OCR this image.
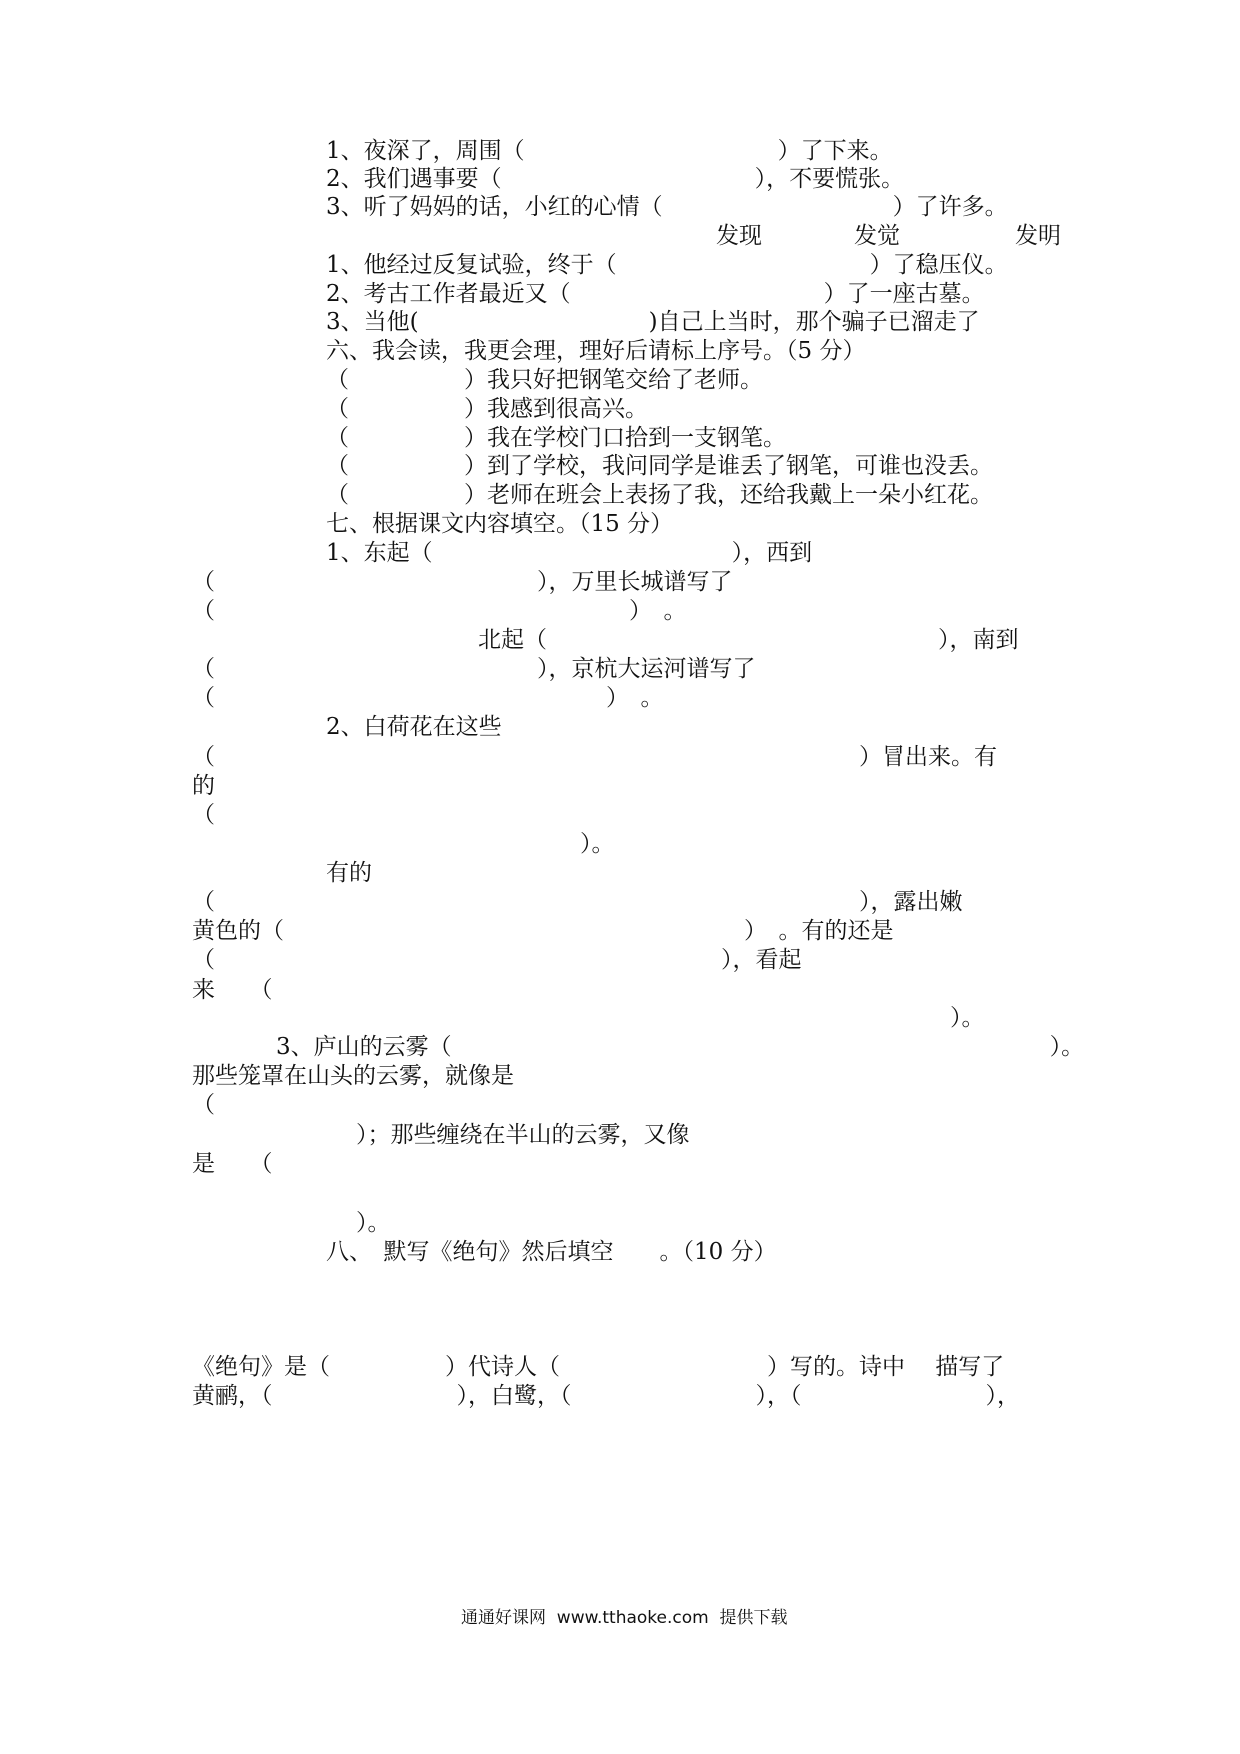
1、夜深了，周围（　　　　　　　　　　　）了下来。
2、我们遇事要（　　　　　　　　　　　），不要慌张。
3、听了妈妈的话，小红的心情（　　　　　　　　　　）了许多。
发现	发觉	发明
1、他经过反复试验，终于（　　　　　　　　　　　）了稳压仪。
2、考古工作者最近又（　　　　　　　　　　　）了一座古墓。
3、当他(　　　　　　　　　　)自己上当时，那个骗子已溜走了
六、我会读，我更会理，理好后请标上序号。（5 分）
（　　　　　）我只好把钢笔交给了老师。
（　　　　　）我感到很高兴。
（　　　　　）我在学校门口拾到一支钢笔。
（　　　　　）到了学校，我问同学是谁丢了钢笔，可谁也没丢。
（　　　　　）老师在班会上表扬了我，还给我戴上一朵小红花。
七、根据课文内容填空。（15 分）
1、东起（　　　　　　　　　　　　　），西到
（　　　　　　　　　　　　　　），万里长城谱写了
（　　　　　　　　　　　　　　　　　　）　。
北起（　　　　　　　　　　　　　　　　　），南到
（　　　　　　　　　　　　　　），京杭大运河谱写了
（　　　　　　　　　　　　　　　　　）　。
2、白荷花在这些
（　　　　　　　　　　　　　　　　　　　　　　　　　　　　）冒出来。有
的
（
）。
有的
（　　　　　　　　　　　　　　　　　　　　　　　　　　　　），露出嫩
黄色的（　　　　　　　　　　　　　　　　　　　　）　。有的还是
（　　　　　　　　　　　　　　　　　　　　　　），看起
来　　（
）。
3、庐山的云雾（　　　　　　　　　　　　　　　　　　　　　　　　　　）。
那些笼罩在山头的云雾，就像是
（
）；那些缠绕在半山的云雾，又像
是　　（
）。
八、　默写《绝句》然后填空　　。（10 分）
《绝句》是（　　　　　）代诗人（　　　　　　　　　）写的。诗中　 描写了
黄鹂，（　　　　　　　　），白鹭，（　　　　　　　　），（　　　　　　　　），
通通好课网  www.tthaoke.com  提供下载
